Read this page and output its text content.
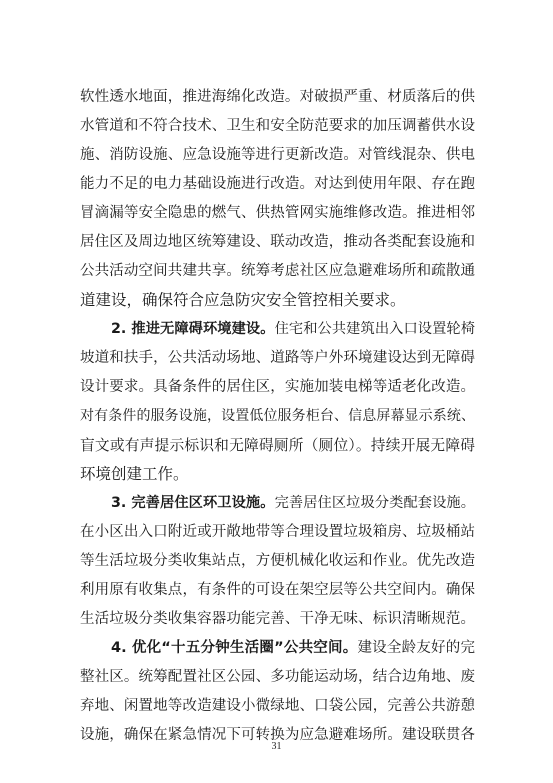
软性透水地面，推进海绵化改造。对破损严重、材质落后的供
水管道和不符合技术、卫生和安全防范要求的加压调蓄供水设
施、消防设施、应急设施等进行更新改造。对管线混杂、供电
能力不足的电力基础设施进行改造。对达到使用年限、存在跑
冒滴漏等安全隐患的燃气、供热管网实施维修改造。推进相邻
居住区及周边地区统筹建设、联动改造，推动各类配套设施和
公共活动空间共建共享。统筹考虑社区应急避难场所和疏散通
道建设，确保符合应急防灾安全管控相关要求。
2. 推进无障碍环境建设。住宅和公共建筑出入口设置轮椅
坡道和扶手，公共活动场地、道路等户外环境建设达到无障碍
设计要求。具备条件的居住区，实施加装电梯等适老化改造。
对有条件的服务设施，设置低位服务柜台、信息屏幕显示系统、
盲文或有声提示标识和无障碍厕所（厕位）。持续开展无障碍
环境创建工作。
3. 完善居住区环卫设施。完善居住区垃圾分类配套设施。
在小区出入口附近或开敞地带等合理设置垃圾箱房、垃圾桶站
等生活垃圾分类收集站点，方便机械化收运和作业。优先改造
利用原有收集点，有条件的可设在架空层等公共空间内。确保
生活垃圾分类收集容器功能完善、干净无味、标识清晰规范。
4. 优化“十五分钟生活圈”公共空间。建设全龄友好的完
整社区。统筹配置社区公园、多功能运动场，结合边角地、废
弃地、闲置地等改造建设小微绿地、口袋公园，完善公共游憩
设施，确保在紧急情况下可转换为应急避难场所。建设联贯各
31
